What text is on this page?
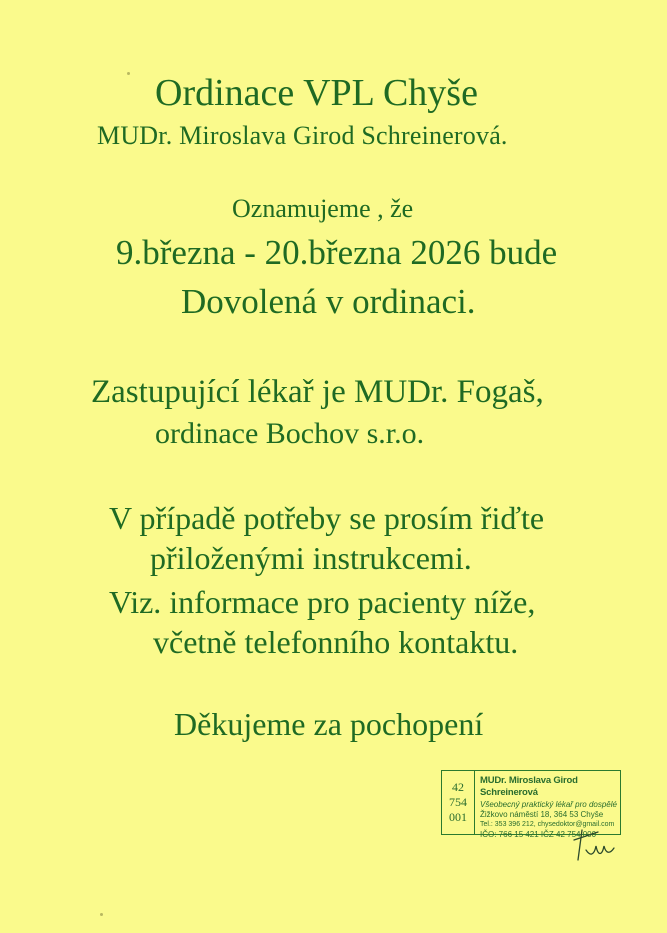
Ordinace VPL Chyše

MUDr. Miroslava Girod Schreinerová.

Oznamujeme , že

9.března - 20.března 2026 bude

Dovolená v ordinaci.

Zastupující lékař je MUDr. Fogaš,

ordinace Bochov s.r.o.

V případě potřeby se prosím řiďte

přiloženými instrukcemi.

Viz. informace pro pacienty níže,

včetně telefonního kontaktu.

Děkujeme za pochopení

42
754
001
MUDr. Miroslava Girod Schreinerová
Všeobecný praktický lékař pro dospělé
Žižkovo náměstí 18, 364 53 Chyše
Tel.: 353 396 212, chysedoktor@gmail.com
IČO: 766 15 421 IČZ 42 754 000
